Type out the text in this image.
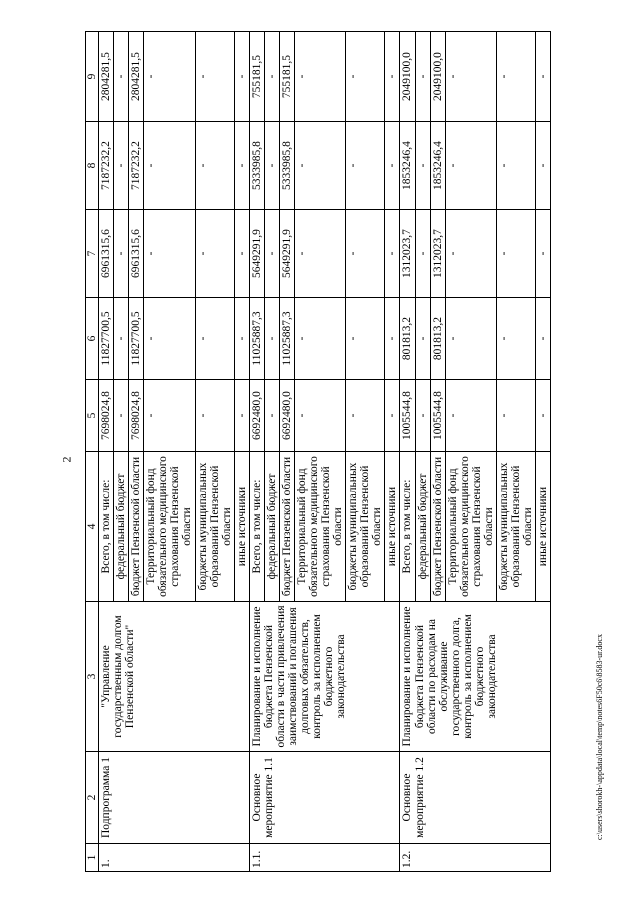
2
c:\users\shorokh-\appdata\local\temp\notes6F50c6\8583-ur.docx
1	2	3	4	5	6	7	8	9
1.	Подпрограмма 1	"Управление государственным долгом Пензенской области"	Всего, в том числе:	7698024,8	11827700,5	6961315,6	7187232,2	2804281,5
			федеральный бюджет	-	-	-	-	-
			бюджет Пензенской области	7698024,8	11827700,5	6961315,6	7187232,2	2804281,5
			Территориальный фонд обязательного медицинского страхования Пензенской области	-	-	-	-	-
			бюджеты муниципальных образований Пензенской области	-	-	-	-	-
			иные источники	-	-	-	-	-
1.1.	Основное мероприятие 1.1	Планирование и исполнение бюджета Пензенской области в части привлечения заимствований и погашения долговых обязательств, контроль за исполнением бюджетного законодательства	Всего, в том числе:	6692480,0	11025887,3	5649291,9	5333985,8	755181,5
			федеральный бюджет	-	-	-	-	-
			бюджет Пензенской области	6692480,0	11025887,3	5649291,9	5333985,8	755181,5
			Территориальный фонд обязательного медицинского страхования Пензенской области	-	-	-	-	-
			бюджеты муниципальных образований Пензенской области	-	-	-	-	-
			иные источники	-	-	-	-	-
1.2.	Основное мероприятие 1.2	Планирование и исполнение бюджета Пензенской области по расходам на обслуживание государственного долга, контроль за исполнением бюджетного законодательства	Всего, в том числе:	1005544,8	801813,2	1312023,7	1853246,4	2049100,0
			федеральный бюджет	-	-	-	-	-
			бюджет Пензенской области	1005544,8	801813,2	1312023,7	1853246,4	2049100,0
			Территориальный фонд обязательного медицинского страхования Пензенской области	-	-	-	-	-
			бюджеты муниципальных образований Пензенской области	-	-	-	-	-
			иные источники	-	-	-	-	-
